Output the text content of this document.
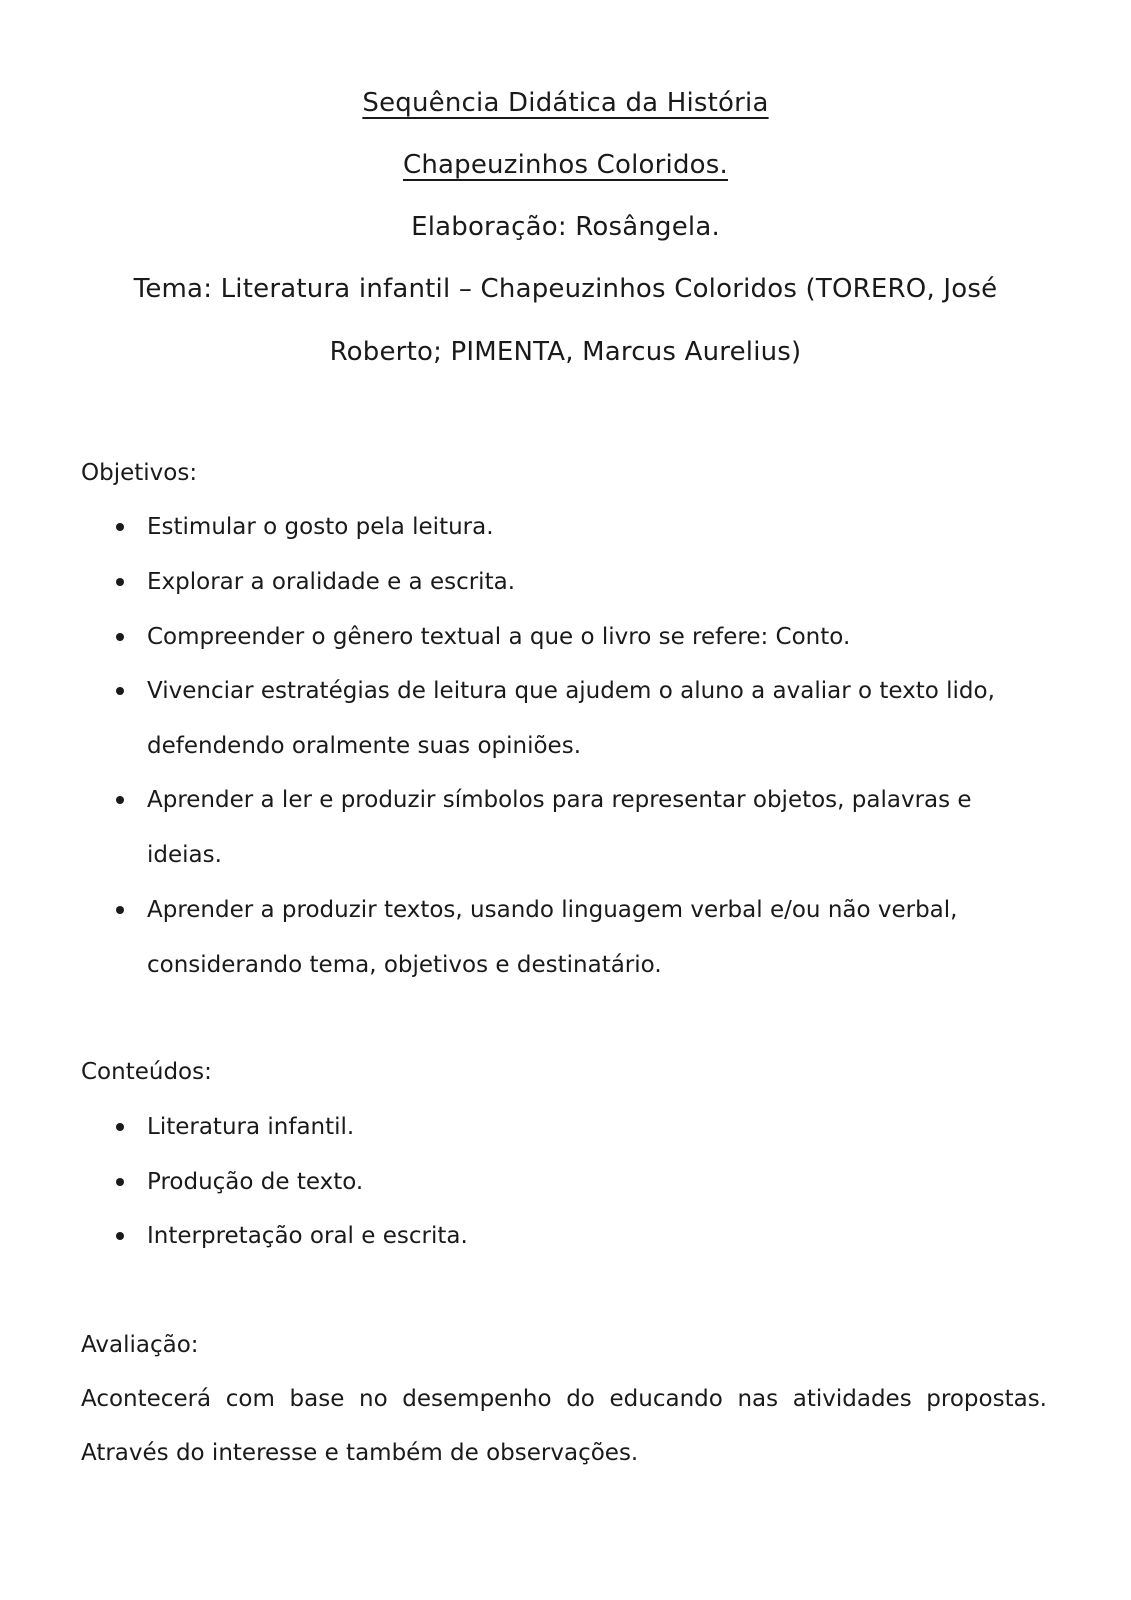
Sequência Didática da História
Chapeuzinhos Coloridos.
Elaboração: Rosângela.
Tema: Literatura infantil – Chapeuzinhos Coloridos (TORERO, José
Roberto; PIMENTA, Marcus Aurelius)
Objetivos:
Estimular o gosto pela leitura.
Explorar a oralidade e a escrita.
Compreender o gênero textual a que o livro se refere: Conto.
Vivenciar estratégias de leitura que ajudem o aluno a avaliar o texto lido,
defendendo oralmente suas opiniões.
Aprender a ler e produzir símbolos para representar objetos, palavras e
ideias.
Aprender a produzir textos, usando linguagem verbal e/ou não verbal,
considerando tema, objetivos e destinatário.
Conteúdos:
Literatura infantil.
Produção de texto.
Interpretação oral e escrita.
Avaliação:
Acontecerá com base no desempenho do educando nas atividades propostas.
Através do interesse e também de observações.
